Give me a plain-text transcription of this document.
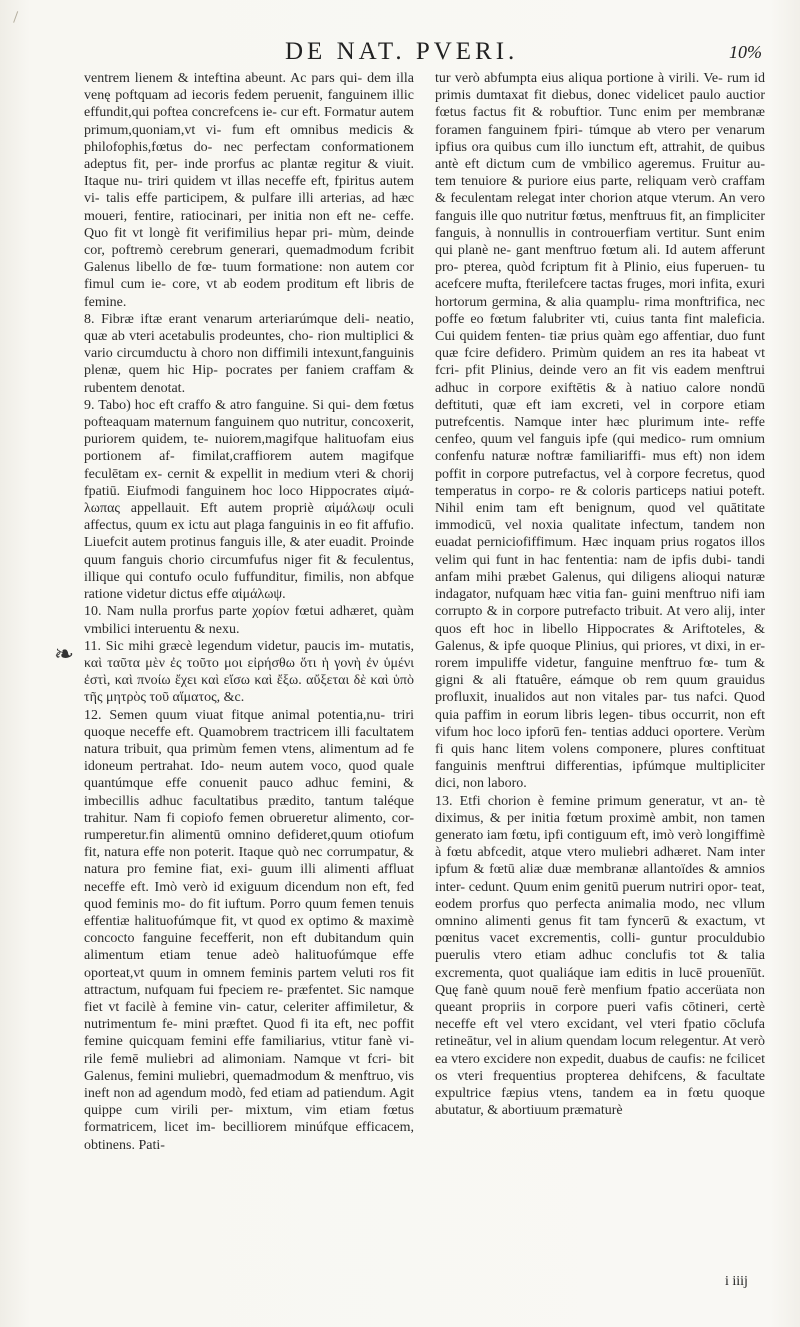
DE NAT. PVERI.	10%
❧

ventrem lienem & inteftina abeunt. Ac pars qui- dem illa venę poftquam ad iecoris fedem peruenit, fanguinem illic effundit,qui poftea concrefcens ie- cur eft. Formatur autem primum,quoniam,vt vi- fum eft omnibus medicis & philofophis,fœtus do- nec perfectam conformationem adeptus fit, per- inde prorfus ac plantæ regitur & viuit. Itaque nu- triri quidem vt illas neceffe eft, fpiritus autem vi- talis effe participem, & pulfare illi arterias, ad hæc moueri, fentire, ratiocinari, per initia non eft ne- ceffe. Quo fit vt longè fit verifimilius hepar pri- mùm, deinde cor, poftremò cerebrum generari, quemadmodum fcribit Galenus libello de fœ- tuum formatione: non autem cor fimul cum ie- core, vt ab eodem proditum eft libris de femine.

8. Fibræ iftæ erant venarum arteriarúmque deli- neatio, quæ ab vteri acetabulis prodeuntes, cho- rion multiplici & vario circumductu à choro non diffimili intexunt,fanguinis plenæ, quem hic Hip- pocrates per faniem craffam & rubentem denotat.

9. Tabo) hoc eft craffo & atro fanguine. Si qui- dem fœtus pofteaquam maternum fanguinem quo nutritur, concoxerit, puriorem quidem, te- nuiorem,magifque halituofam eius portionem af- fimilat,craffiorem autem magifque feculētam ex- cernit & expellit in medium vteri & chorij fpatiū. Eiufmodi fanguinem hoc loco Hippocrates αἱμά- λωπας appellauit. Eft autem propriè αἱμάλωψ oculi affectus, quum ex ictu aut plaga fanguinis in eo fit affufio. Liuefcit autem protinus fanguis ille, & ater euadit. Proinde quum fanguis chorio circumfufus niger fit & feculentus, illique qui contufo oculo fuffunditur, fimilis, non abfque ratione videtur dictus effe αἱμάλωψ.

10. Nam nulla prorfus parte χορίον fœtui adhæret, quàm vmbilici interuentu & nexu.

11. Sic mihi græcè legendum videtur, paucis im- mutatis, καὶ ταῦτα μὲν ἐς τοῦτο μοι εἰρήσθω ὅτι ἡ γονὴ ἐν ὑμένι ἐστὶ, καὶ πνοίω ἔχει καὶ εἴσω καὶ ἔξω. αὔξεται δὲ καὶ ὑπὸ τῆς μητρὸς τοῦ αἵματος, &c.

12. Semen quum viuat fitque animal potentia,nu- triri quoque neceffe eft. Quamobrem tractricem illi facultatem natura tribuit, qua primùm femen vtens, alimentum ad fe idoneum pertrahat. Ido- neum autem voco, quod quale quantúmque effe conuenit pauco adhuc femini, & imbecillis adhuc facultatibus prædito, tantum taléque trahitur. Nam fi copiofo femen obrueretur alimento, cor- rumperetur.fin alimentū omnino defideret,quum otiofum fit, natura effe non poterit. Itaque quò nec corrumpatur, & natura pro femine fiat, exi- guum illi alimenti affluat neceffe eft. Imò verò id exiguum dicendum non eft, fed quod feminis mo- do fit iuftum. Porro quum femen tenuis effentiæ halituofúmque fit, vt quod ex optimo & maximè concocto fanguine fecefferit, non eft dubitandum quin alimentum etiam tenue adeò halituofúmque effe oporteat,vt quum in omnem feminis partem veluti ros fit attractum, nufquam fui fpeciem re- præfentet. Sic namque fiet vt facilè à femine vin- catur, celeriter affimiletur, & nutrimentum fe- mini præftet. Quod fi ita eft, nec poffit femine quicquam femini effe familiarius, vtitur fanè vi- rile femē muliebri ad alimoniam. Namque vt fcri- bit Galenus, femini muliebri, quemadmodum & menftruo, vis ineft non ad agendum modò, fed etiam ad patiendum. Agit quippe cum virili per- mixtum, vim etiam fœtus formatricem, licet im- becilliorem minúfque efficacem, obtinens. Pati-

tur verò abfumpta eius aliqua portione à virili. Ve- rum id primis dumtaxat fit diebus, donec videlicet paulo auctior fœtus factus fit & robuftior. Tunc enim per membranæ foramen fanguinem fpiri- túmque ab vtero per venarum ipfius ora quibus cum illo iunctum eft, attrahit, de quibus antè eft dictum cum de vmbilico ageremus. Fruitur au- tem tenuiore & puriore eius parte, reliquam verò craffam & feculentam relegat inter chorion atque vterum. An vero fanguis ille quo nutritur fœtus, menftruus fit, an fimpliciter fanguis, à nonnullis in controuerfiam vertitur. Sunt enim qui planè ne- gant menftruo fœtum ali. Id autem afferunt pro- pterea, quòd fcriptum fit à Plinio, eius fuperuen- tu acefcere mufta, fterilefcere tactas fruges, mori infita, exuri hortorum germina, & alia quamplu- rima monftrifica, nec poffe eo fœtum falubriter vti, cuius tanta fint maleficia. Cui quidem fenten- tiæ prius quàm ego affentiar, duo funt quæ fcire defidero. Primùm quidem an res ita habeat vt fcri- pfit Plinius, deinde vero an fit vis eadem menftrui adhuc in corpore exiftētis & à natiuo calore nondū deftituti, quæ eft iam excreti, vel in corpore etiam putrefcentis. Namque inter hæc plurimum inte- reffe cenfeo, quum vel fanguis ipfe (qui medico- rum omnium confenfu naturæ noftræ familiariffi- mus eft) non idem poffit in corpore putrefactus, vel à corpore fecretus, quod temperatus in corpo- re & coloris particeps natiui poteft. Nihil enim tam eft benignum, quod vel quātitate immodicū, vel noxia qualitate infectum, tandem non euadat perniciofiffimum. Hæc inquam prius rogatos illos velim qui funt in hac fententia: nam de ipfis dubi- tandi anfam mihi præbet Galenus, qui diligens alioqui naturæ indagator, nufquam hæc vitia fan- guini menftruo nifi iam corrupto & in corpore putrefacto tribuit. At vero alij, inter quos eft hoc in libello Hippocrates & Ariftoteles, & Galenus, & ipfe quoque Plinius, qui priores, vt dixi, in er- rorem impuliffe videtur, fanguine menftruo fœ- tum & gigni & ali ftatuêre, eámque ob rem quum grauidus profluxit, inualidos aut non vitales par- tus nafci. Quod quia paffim in eorum libris legen- tibus occurrit, non eft vifum hoc loco ipforū fen- tentias adduci oportere. Verùm fi quis hanc litem volens componere, plures conftituat fanguinis menftrui differentias, ipfúmque multipliciter dici, non laboro.

13. Etfi chorion è femine primum generatur, vt an- tè diximus, & per initia fœtum proximè ambit, non tamen generato iam fœtu, ipfi contiguum eft, imò verò longiffimè à fœtu abfcedit, atque vtero muliebri adhæret. Nam inter ipfum & fœtū aliæ duæ membranæ allantoïdes & amnios inter- cedunt. Quum enim genitū puerum nutriri opor- teat, eodem prorfus quo perfecta animalia modo, nec vllum omnino alimenti genus fit tam fyncerū & exactum, vt pœnitus vacet excrementis, colli- guntur proculdubio puerulis vtero etiam adhuc conclufis tot & talia excrementa, quot qualiáque iam editis in lucē prouenīūt. Quę fanè quum nouē ferè menfium fpatio accerüata non queant propriis in corpore pueri vafis cōtineri, certè neceffe eft vel vtero excidant, vel vteri fpatio cōclufa retineātur, vel in alium quendam locum relegentur. At verò ea vtero excidere non expedit, duabus de caufis: ne fcilicet os vteri frequentius propterea dehifcens, & facultate expultrice fæpius vtens, tandem ea in fœtu quoque abutatur, & abortiuum præmaturè

i iiij
